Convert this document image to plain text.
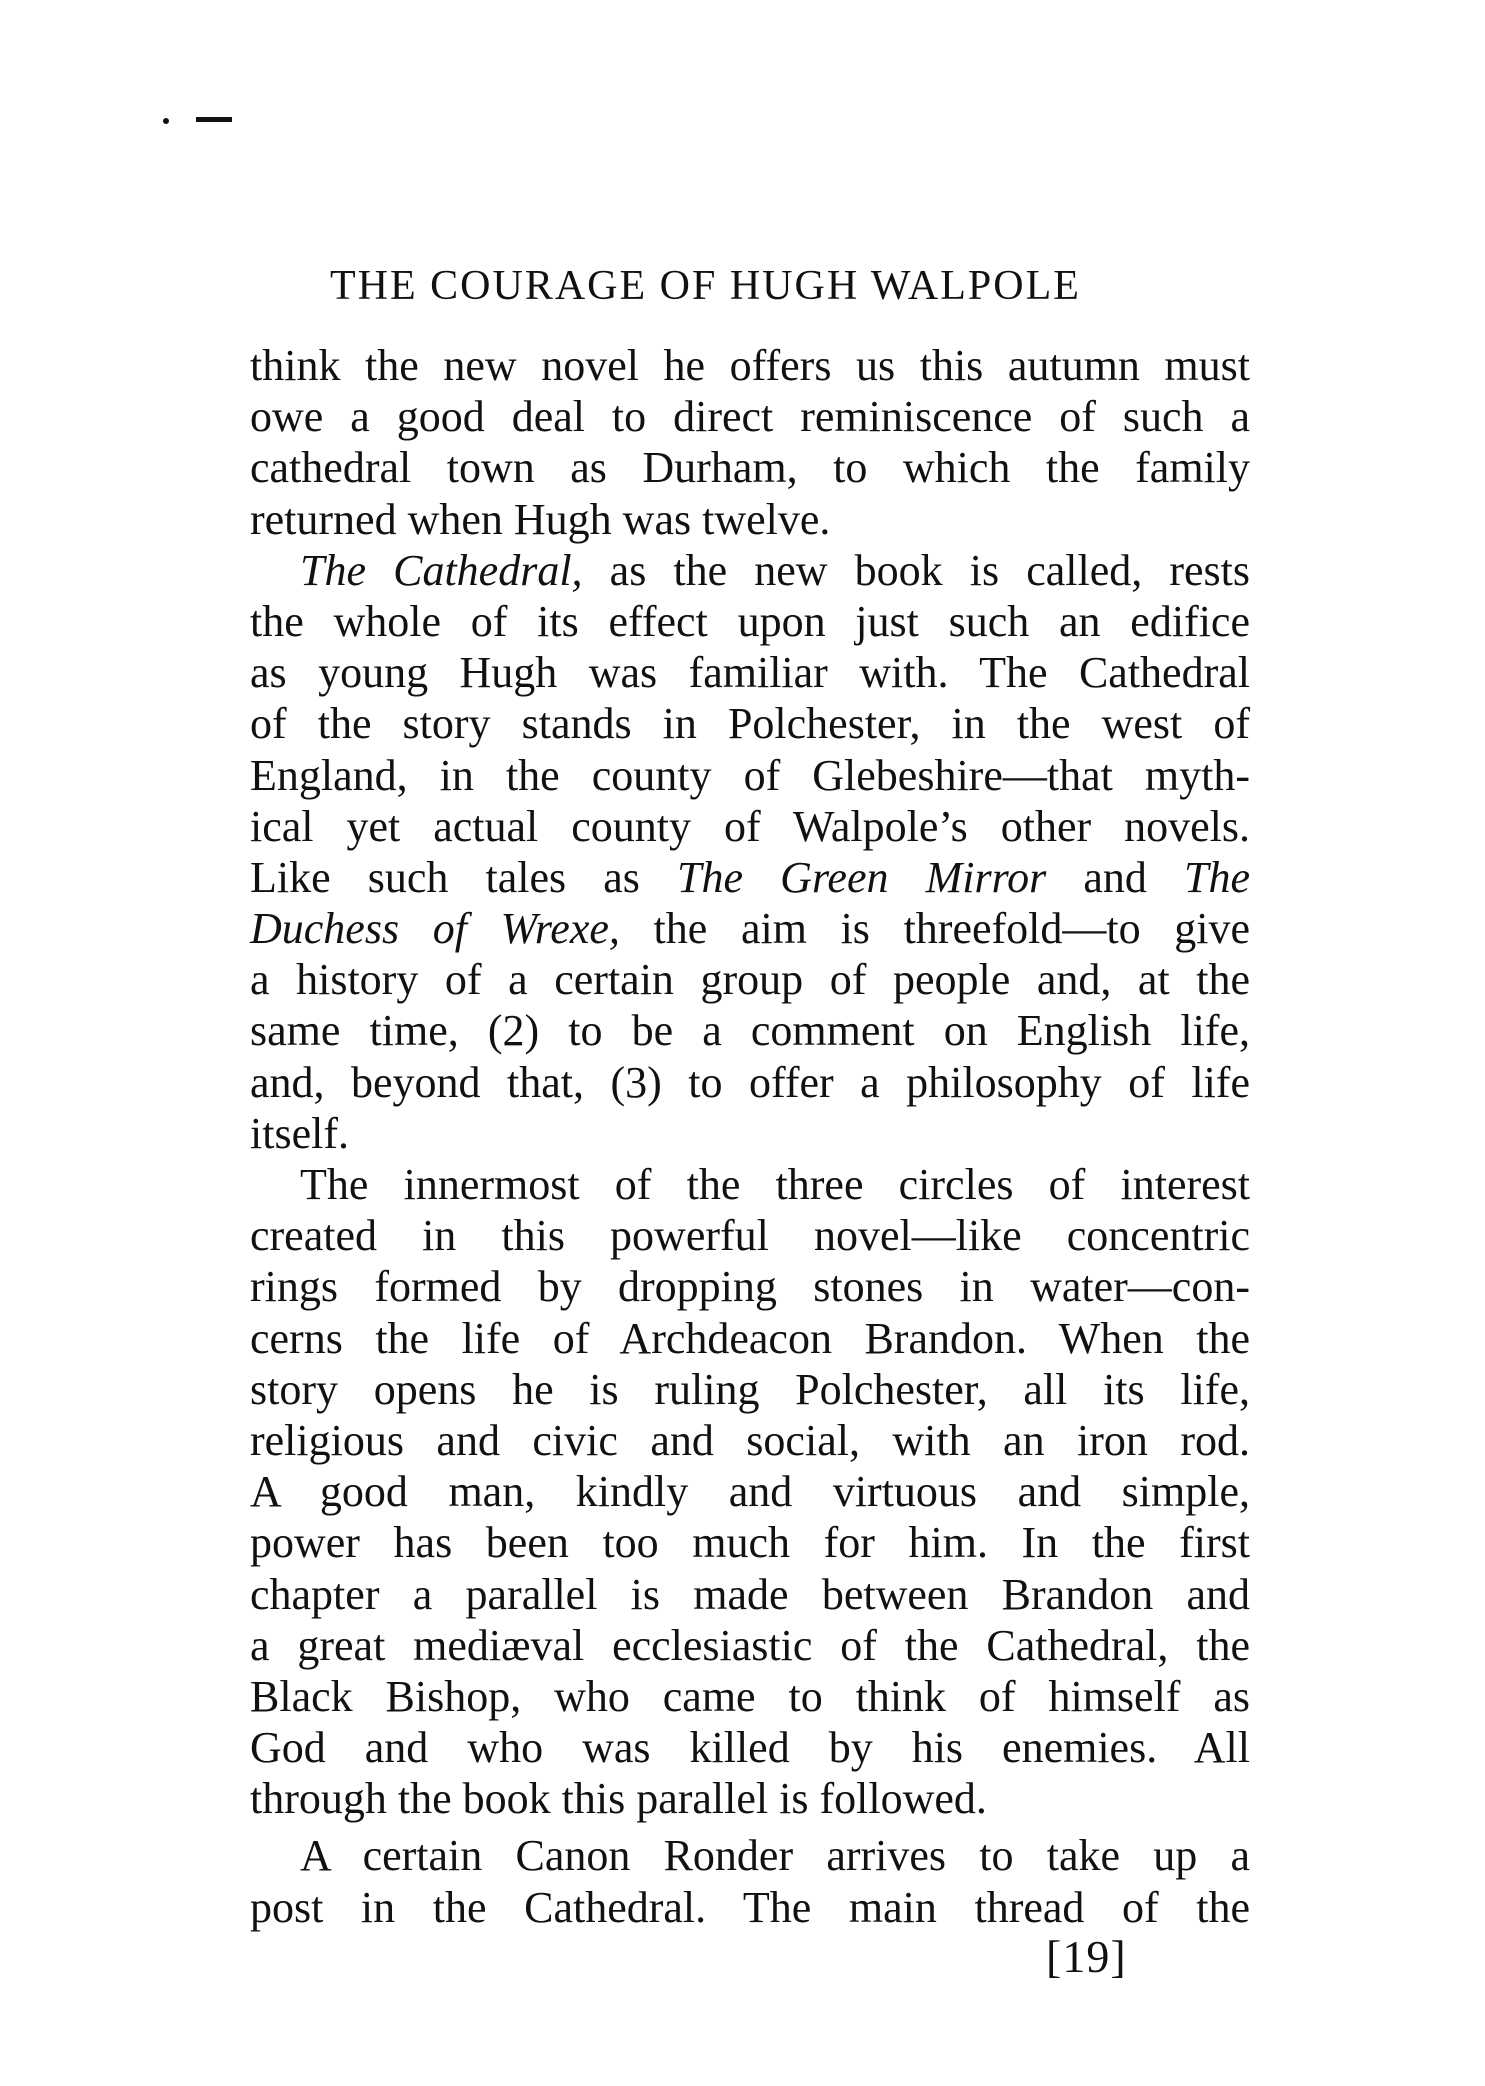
THE COURAGE OF HUGH WALPOLE
think the new novel he offers us this autumn must
owe a good deal to direct reminiscence of such a
cathedral town as Durham, to which the family
returned when Hugh was twelve.
The Cathedral, as the new book is called, rests
the whole of its effect upon just such an edifice
as young Hugh was familiar with. The Cathedral
of the story stands in Polchester, in the west of
England, in the county of Glebeshire—that myth-
ical yet actual county of Walpole’s other novels.
Like such tales as The Green Mirror and The
Duchess of Wrexe, the aim is threefold—to give
a history of a certain group of people and, at the
same time, (2) to be a comment on English life,
and, beyond that, (3) to offer a philosophy of life
itself.
The innermost of the three circles of interest
created in this powerful novel—like concentric
rings formed by dropping stones in water—con-
cerns the life of Archdeacon Brandon. When the
story opens he is ruling Polchester, all its life,
religious and civic and social, with an iron rod.
A good man, kindly and virtuous and simple,
power has been too much for him. In the first
chapter a parallel is made between Brandon and
a great mediæval ecclesiastic of the Cathedral, the
Black Bishop, who came to think of himself as
God and who was killed by his enemies. All
through the book this parallel is followed.
A certain Canon Ronder arrives to take up a
post in the Cathedral. The main thread of the
[19]
